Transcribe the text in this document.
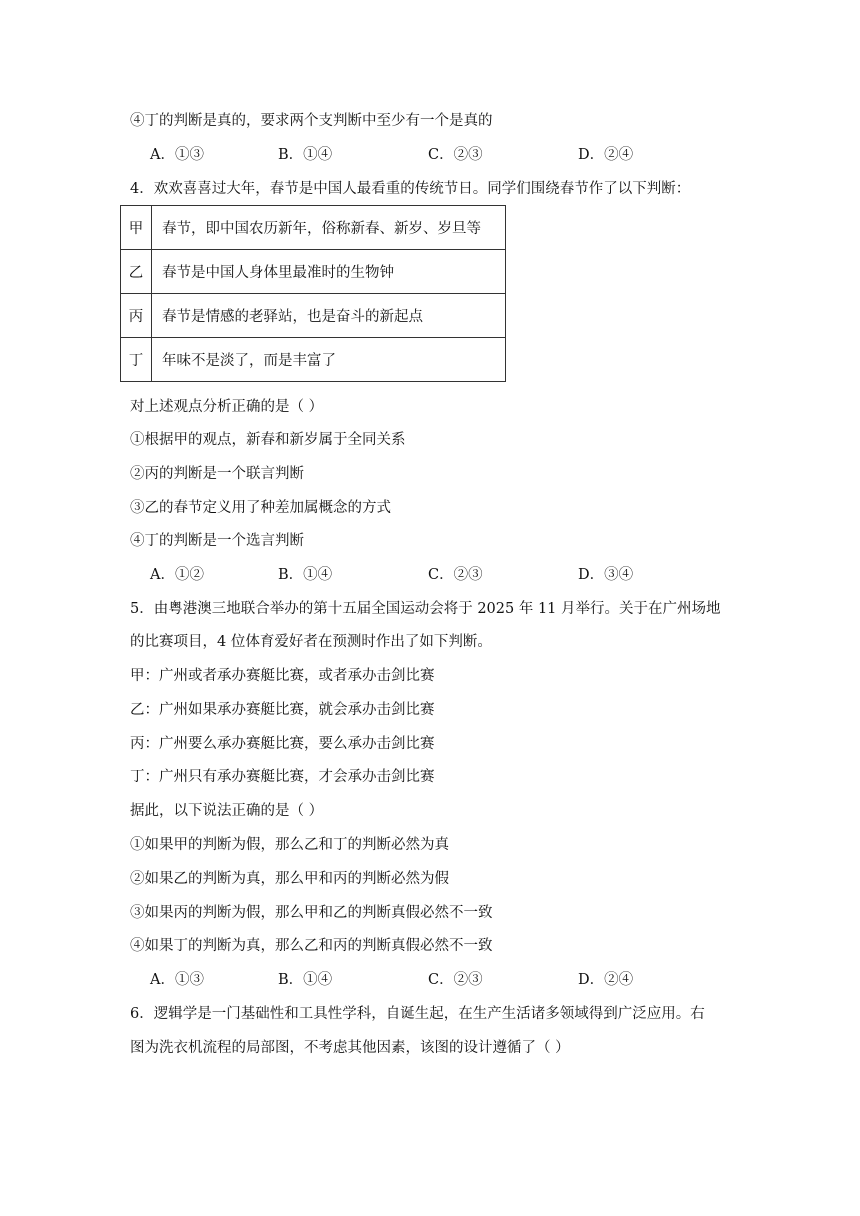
④丁的判断是真的，要求两个支判断中至少有一个是真的
A．①③	B．①④	C．②③	D．②④
4．欢欢喜喜过大年，春节是中国人最看重的传统节日。同学们围绕春节作了以下判断：
甲	春节，即中国农历新年，俗称新春、新岁、岁旦等
乙	春节是中国人身体里最准时的生物钟
丙	春节是情感的老驿站，也是奋斗的新起点
丁	年味不是淡了，而是丰富了
对上述观点分析正确的是（ ）
①根据甲的观点，新春和新岁属于全同关系
②丙的判断是一个联言判断
③乙的春节定义用了种差加属概念的方式
④丁的判断是一个选言判断
A．①②	B．①④	C．②③	D．③④
5．由粤港澳三地联合举办的第十五届全国运动会将于 2025 年 11 月举行。关于在广州场地
的比赛项目，4 位体育爱好者在预测时作出了如下判断。
甲：广州或者承办赛艇比赛，或者承办击剑比赛
乙：广州如果承办赛艇比赛，就会承办击剑比赛
丙：广州要么承办赛艇比赛，要么承办击剑比赛
丁：广州只有承办赛艇比赛，才会承办击剑比赛
据此，以下说法正确的是（ ）
①如果甲的判断为假，那么乙和丁的判断必然为真
②如果乙的判断为真，那么甲和丙的判断必然为假
③如果丙的判断为假，那么甲和乙的判断真假必然不一致
④如果丁的判断为真，那么乙和丙的判断真假必然不一致
A．①③	B．①④	C．②③	D．②④
6．逻辑学是一门基础性和工具性学科，自诞生起，在生产生活诸多领域得到广泛应用。右
图为洗衣机流程的局部图，不考虑其他因素，该图的设计遵循了（ ）
